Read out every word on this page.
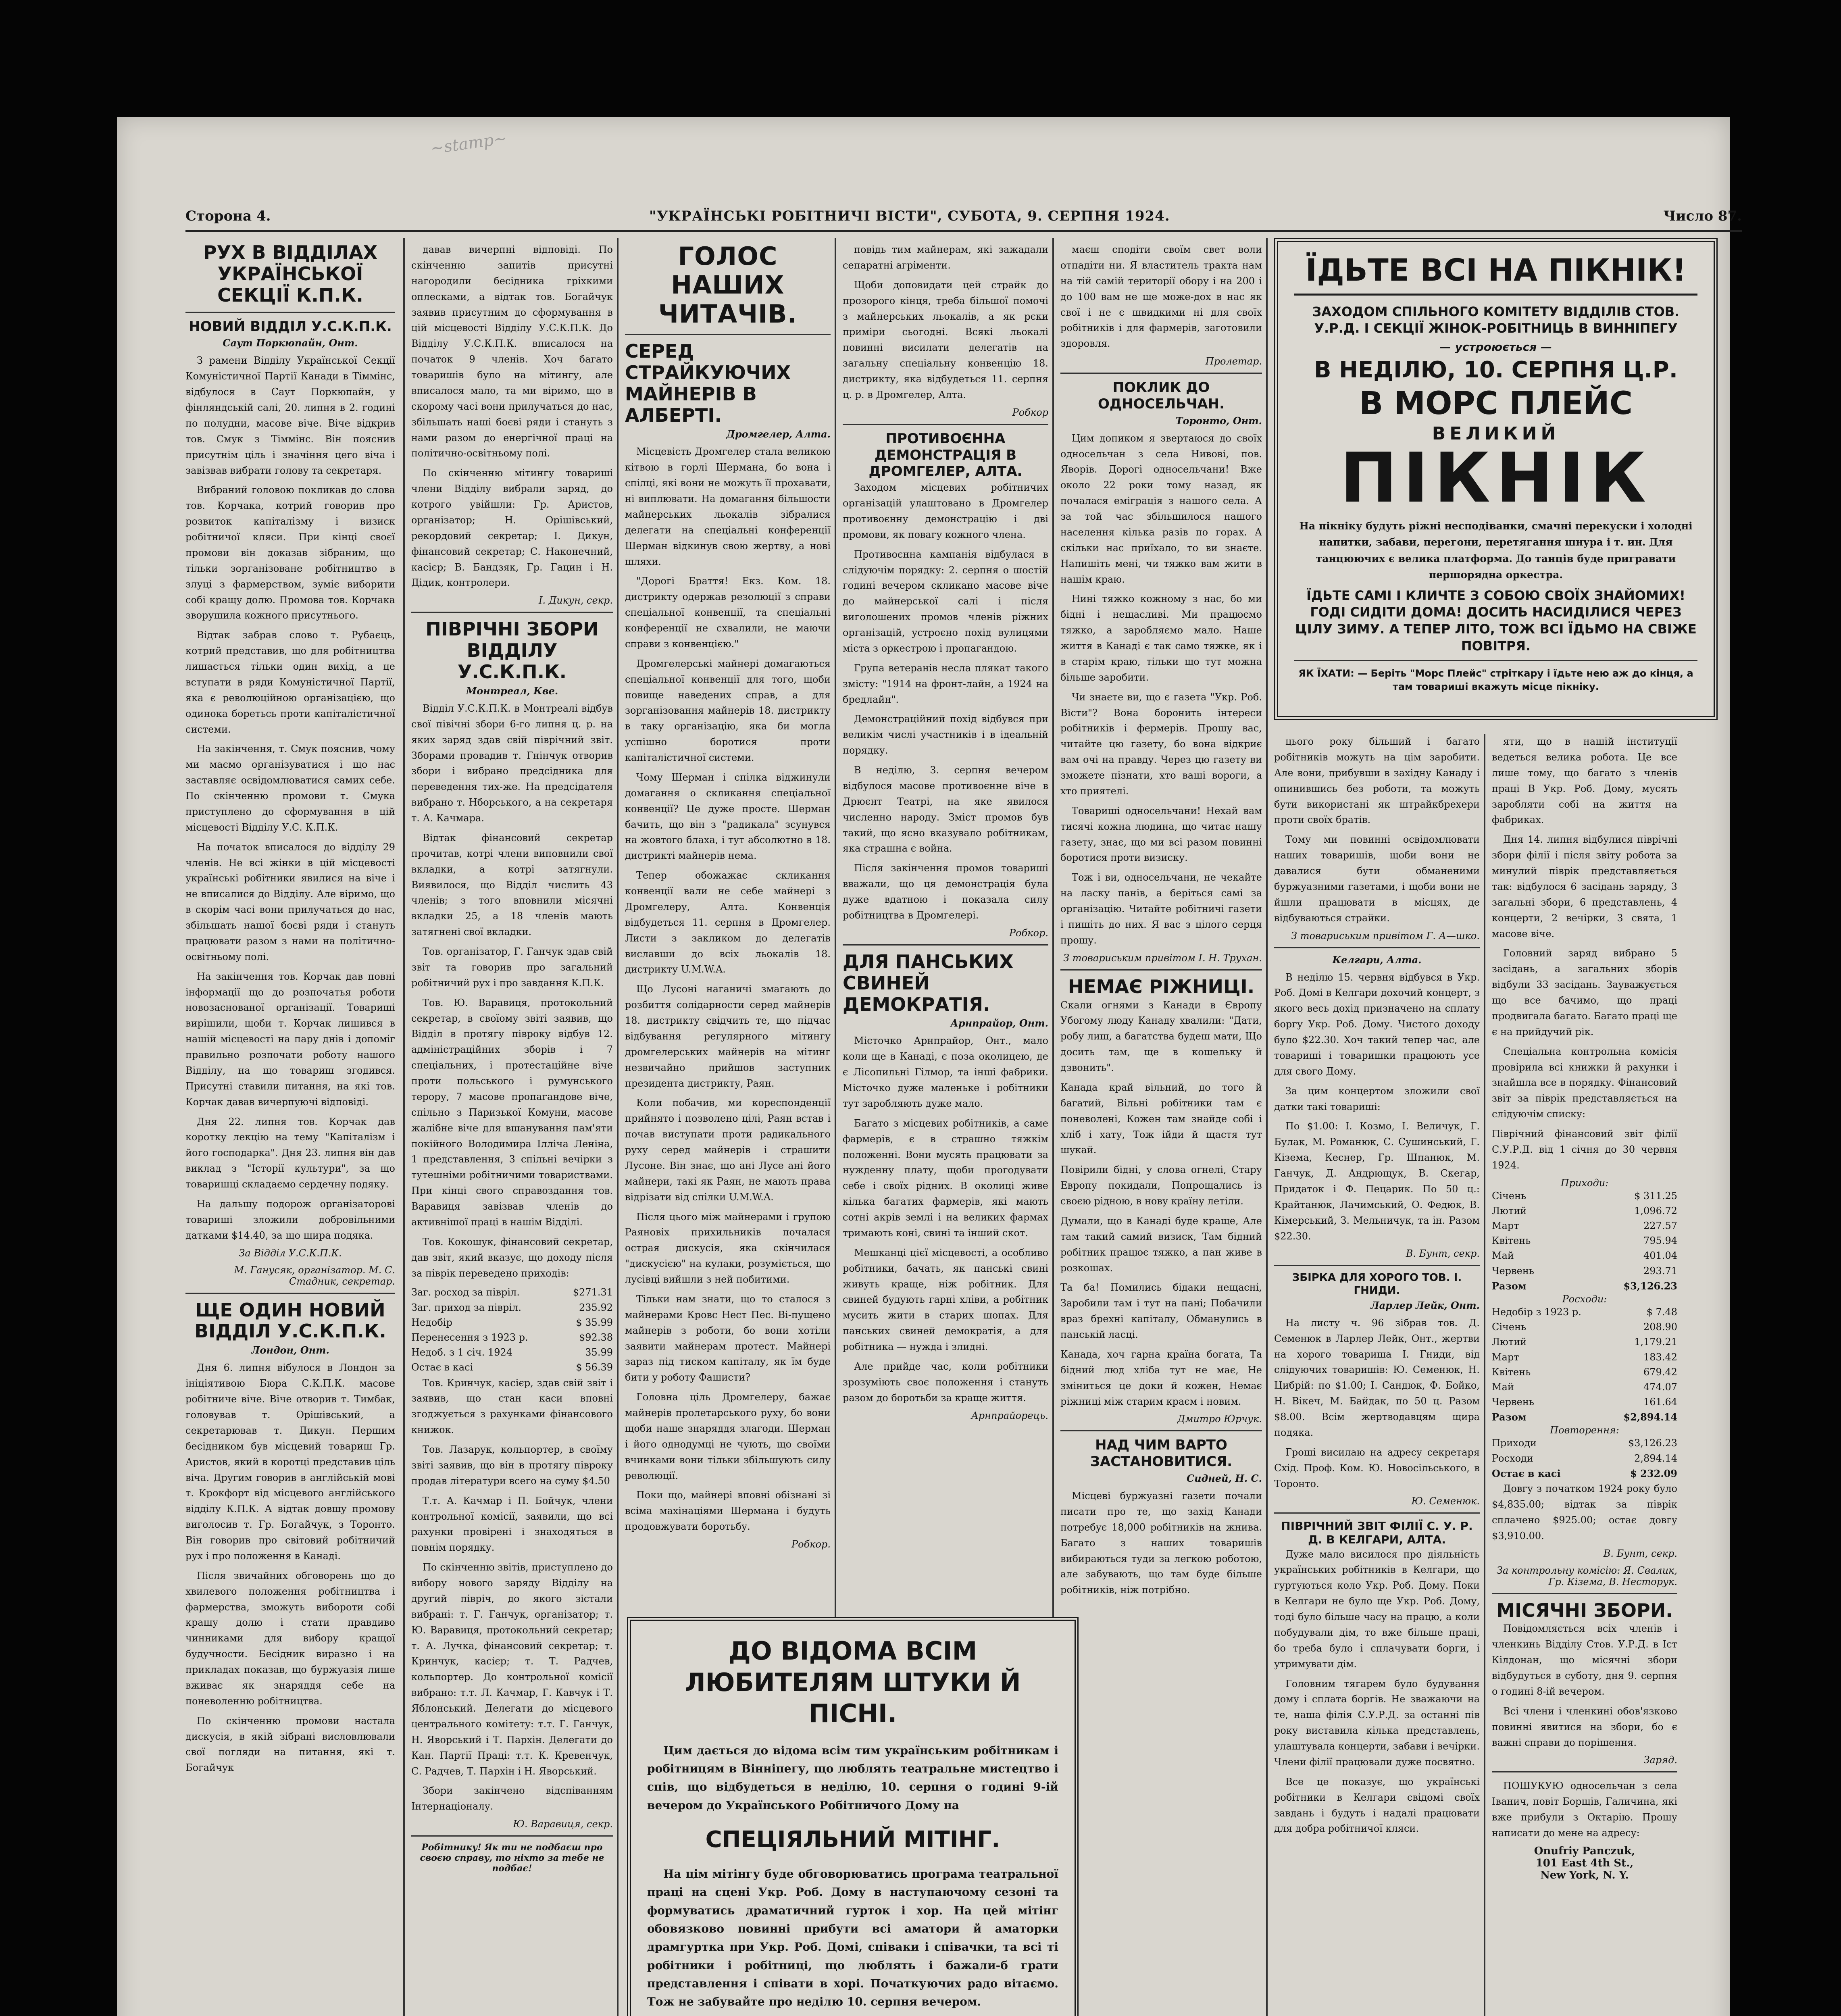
~stamp~
Сторона 4.	"УКРАЇНСЬКІ РОБІТНИЧІ ВІСТИ", СУБОТА, 9. СЕРПНЯ 1924.	Число 87.
РУХ В ВІДДІЛАХ УКРАЇНСЬКОЇ СЕКЦІЇ К.П.К.
НОВИЙ ВІДДІЛ У.С.К.П.К.
Саут Поркюпайн, Онт.

З рамени Відділу Української Секції Комуністичної Партії Канади в Тіммінс, відбулося в Саут Поркюпайн, у фінляндській салі, 20. липня в 2. годині по полудни, масове віче. Віче відкрив тов. Смук з Тіммінс. Він пояснив присутнім ціль і значіння цего віча і завізвав вибрати голову та секретаря.

Вибраний головою покликав до слова тов. Корчака, котрий говорив про розвиток капіталізму і визиск робітничої кляси. При кінці своєї промови він доказав зібраним, що тільки зорганізоване робітництво в злуці з фармерством, зуміє виборити собі кращу долю. Промова тов. Корчака зворушила кожного присутнього.

Відтак забрав слово т. Рубаєць, котрий представив, що для робітництва лишається тільки один вихід, а це вступати в ряди Комуністичної Партії, яка є революційною організацією, що одинока боретьсь проти капіталістичної системи.

На закінчення, т. Смук пояснив, чому ми маємо організуватися і що нас заставляє освідомлюватися самих себе. По скінченню промови т. Смука приступлено до сформування в цій місцевості Відділу У.С. К.П.К.

На початок вписалося до відділу 29 членів. Не всі жінки в цій місцевості українські робітники явилися на віче і не вписалися до Відділу. Але віримо, що в скорім часі вони прилучаться до нас, збільшать нашої боєві ряди і стануть працювати разом з нами на політично-освітньому полі.

На закінчення тов. Корчак дав повні інформації що до розпочатья роботи новозаснованої організації. Товариші вирішили, щоби т. Корчак лишився в нашій місцевості на пару днів і допоміг правильно розпочати роботу нашого Відділу, на що товариш згодився. Присутні ставили питання, на які тов. Корчак давав вичерпуючі відповіді.

Дня 22. липня тов. Корчак дав коротку лекцію на тему "Капіталізм і його господарка". Дня 23. липня він дав виклад з "Історії культури", за що товаришці складаємо сердечну подяку.

На дальшу подорож організаторові товариші зложили добровільними датками $14.40, за що щира подяка.

За Відділ У.С.К.П.К.
М. Ганусяк, організатор. М. С. Стадник, секретар.
ЩЕ ОДИН НОВИЙ ВІДДІЛ У.С.К.П.К.
Лондон, Онт.

Дня 6. липня вібулося в Лондон за ініціятивою Бюра С.К.П.К. масове робітниче віче. Віче отворив т. Тимбак, головував т. Орішівський, а секретарював т. Дикун. Першим бесідником був місцевий товариш Гр. Аристов, який в коротці представив ціль віча. Другим говорив в англійській мові т. Крокфорт від місцевого англійського відділу К.П.К. А відтак довшу промову виголосив т. Гр. Богайчук, з Торонто. Він говорив про світовий робітничий рух і про положення в Канаді.

Після звичайних обговорень що до хвилевого положення робітництва і фармерства, зможуть вибороти собі кращу долю і стати правдиво чинниками для вибору кращої будучности. Бесідник виразно і на прикладах показав, що буржуазія лише вживає як знаряддя себе на поневоленню робітництва.

По скінченню промови настала дискусія, в якій зібрані висловлювали свої погляди на питання, які т. Богайчук

давав вичерпні відповіді. По скінченню запитів присутні нагородили бесідника гріхкими оплесками, а відтак тов. Богайчук заявив присутним до сформування в цій місцевості Відділу У.С.К.П.К. До Відділу У.С.К.П.К. вписалося на початок 9 членів. Хоч багато товаришів було на мітингу, але вписалося мало, та ми віримо, що в скорому часі вони прилучаться до нас, збільшать наші боєві ряди і стануть з нами разом до енергічної праці на політично-освітньому полі.

По скінченню мітингу товариші члени Відділу вибрали заряд, до котрого увійшли: Гр. Аристов, організатор; Н. Орішівський, рекордовий секретар; І. Дикун, фінансовий секретар; С. Наконечний, касієр; В. Бандзяк, Гр. Гацин і Н. Дідик, контролери.

І. Дикун, секр.
ПІВРІЧНІ ЗБОРИ ВІДДІЛУ У.С.К.П.К.
Монтреал, Кве.

Відділ У.С.К.П.К. в Монтреалі відбув свої півічні збори 6-го липня ц. р. на яких заряд здав свій піврічний звіт. Зборами провадив т. Гнінчук отворив збори і вибрано предсідника для переведення тих-же. На предсідателя вибрано т. Нборського, а на секретаря т. А. Качмара.

Відтак фінансовий секретар прочитав, котрі члени виповнили свої вкладки, а котрі затягнули. Виявилося, що Відділ числить 43 членів; з того вповнили місячні вкладки 25, а 18 членів мають затягнені свої вкладки.

Тов. організатор, Г. Ганчук здав свій звіт та говорив про загальний робітничий рух і про завдання К.П.К.

Тов. Ю. Варавиця, протокольний секретар, в своїому звіті заявив, що Відділ в протягу півроку відбув 12. адміністраційних зборів і 7 спеціальних, і протестаційне віче проти польського і румунського терору, 7 масове пропагандове віче, спільно з Паризької Комуни, масове жалібне віче для вшанування пам'яти покійного Володимира Ілліча Леніна, 1 представлення, 3 спільні вечірки з тутешніми робітничими товариствами. При кінці свого справоздання тов. Варавиця завізвав членів до активнішої праці в нашім Відділі.

Тов. Кокошук, фінансовий секретар, дав звіт, який вказує, що доходу після за піврік переведено приходів:

Заг. росход за півріл.	$271.31
Заг. приход за півріл.	235.92
Недобір	$ 35.99
Перенесення з 1923 р.	$92.38
Недоб. з 1 січ. 1924	35.99
Остає в касі	$ 56.39

Тов. Кринчук, касієр, здав свій звіт і заявив, що стан каси вповні згоджується з рахунками фінансового книжок.

Тов. Лазарук, кольпортер, в своїму звіті заявив, що він в протягу півроку продав літератури всего на суму $4.50

Т.т. А. Качмар і П. Бойчук, члени контрольної комісії, заявили, що всі рахунки провірені і знаходяться в повнім порядку.

По скінченню звітів, приступлено до вибору нового заряду Відділу на другий півріч, до якого зістали вибрані: т. Г. Ганчук, організатор; т. Ю. Варавиця, протокольний секретар; т. А. Лучка, фінансовий секретар; т. Кринчук, касієр; т. Т. Радчев, кольпортер. До контрольної комісії вибрано: т.т. Л. Качмар, Г. Кавчук і Т. Яблонський. Делегати до місцевого центрального комітету: т.т. Г. Ганчук, Н. Яворський і Т. Пархін. Делегати до Кан. Партії Праці: т.т. К. Кревенчук, С. Радчев, Т. Пархін і Н. Яворський.

Збори закінчено відспіванням Інтернаціоналу.

Ю. Варавиця, секр.
Робітнику! Як ти не подбаєш про своєю справу, то ніхто за тебе не подбає!
ГОЛОС НАШИХ ЧИТАЧІВ.
СЕРЕД СТРАЙКУЮЧИХ МАЙНЕРІВ В АЛБЕРТІ.
Дромгелер, Алта.

Місцевість Дромгелер стала великою кітвою в горлі Шермана, бо вона і спілці, які вони не можуть її прохавати, ні виплювати. На домагання більшости майнерських льокалів зібралися делегати на спеціальні конференції Шерман відкинув свою жертву, а нові шляхи.

"Дорогі Браття! Екз. Ком. 18. дистрикту одержав резолюції з справи спеціальної конвенції, та спеціальні конференції не схвалили, не маючи справи з конвенцією."

Дромгелерські майнері домагаються спеціальної конвенції для того, щоби повище наведених справ, а для зорганізовання майнерів 18. дистрикту в таку організацію, яка би могла успішно боротися проти капіталістичної системи.

Чому Шерман і спілка віджинули домагання о скликання спеціальної конвенції? Це дуже просте. Шерман бачить, що він з "радикала" зсунувся на жовтого блаха, і тут абсолютно в 18. дистрикті майнерів нема.

Тепер обожажає скликання конвенції вали не себе майнері з Дромгелеру, Алта. Конвенція відбудеться 11. серпня в Дромгелер. Листи з закликом до делегатів виславши до всіх льокалів 18. дистрикту U.M.W.A.

Що Лусоні наганичі змагають до розбиття солідарности серед майнерів 18. дистрикту свідчить те, що підчас відбування регулярного мітингу дромгелерських майнерів на мітинг незвичайно прийшов заступник президента дистрикту, Раян.

Коли побачив, ми кореспонденції прийнято і позволено цілі, Раян встав і почав виступати проти радикального руху серед майнерів і страшити Лусоне. Він знає, що ані Лусе ані його майнери, такі як Раян, не мають права відрізати від спілки U.M.W.A.

Після цього між майнерами і групою Раяновіх прихильників почалася острая дискусія, яка скінчилася "дискусією" на кулаки, розуміється, що лусівці вийшли з ней побитими.

Тільки нам знати, що то сталося з майнерами Кровс Нест Пес. Ві-пущено майнерів з роботи, бо вони хотіли заявити майнерам протест. Майнері зараз під тиском капіталу, як їм буде бити у роботу Фашисти?

Головна ціль Дромгелеру, бажає майнерів пролетарського руху, бо вони щоби наше знаряддя злагоди. Шерман і його однодумці не чують, що своїми вчинками вони тільки збільшують силу революції.

Поки що, майнері вповні обізнані зі всіма махінаціями Шермана і будуть продовжувати боротьбу.

Робкор.

повідь тим майнерам, які зажадали сепаратні агріменти.

Щоби доповидати цей страйк до прозорого кінця, треба більшої помочі з майнерських льокалів, а як рєки приміри сьогодні. Всякі льокалі повинні висилати делегатів на загальну спеціальну конвенцію 18. дистрикту, яка відбудеться 11. серпня ц. р. в Дромгелер, Алта.

Робкор
ПРОТИВОЄННА ДЕМОНСТРАЦІЯ В ДРОМГЕЛЕР, АЛТА.

Заходом місцевих робітничих організацій улаштовано в Дромгелер противоєнну демонстрацію і дві промови, як повагу кожного члена.

Противоєнна кампанія відбулася в слідуючім порядку: 2. серпня о шостій годині вечером скликано масове віче до майнерської салі і після виголошених промов членів ріжних організацій, устроєно похід вулицями міста з оркестрою і пропагандою.

Група ветеранів несла плякат такого змісту: "1914 на фронт-лайн, а 1924 на бредлайн".

Демонстраційний похід відбувся при великім числі участників і в ідеальній порядку.

В неділю, 3. серпня вечером відбулося масове противоєнне віче в Дрюєнт Театрі, на яке явилося численно народу. Зміст промов був такий, що ясно вказувало робітникам, яка страшна є война.

Після закінчення промов товариші вважали, що ця демонстрація була дуже вдатною і показала силу робітництва в Дромгелері.

Робкор.
ДЛЯ ПАНСЬКИХ СВИНЕЙ ДЕМОКРАТІЯ.
Арнпрайор, Онт.

Місточко Арнпрайор, Онт., мало коли ще в Канаді, є поза околицею, де є Лісопильні Гілмор, та інші фабрики. Місточко дуже маленьке і робітники тут заробляють дуже мало.

Багато з місцевих робітників, а саме фармерів, є в страшно тяжкім положенні. Вони мусять працювати за нужденну плату, щоби прогодувати себе і своїх рідних. В околиці живе кілька багатих фармерів, які мають сотні акрів землі і на великих фармах тримають коні, свині та інший скот.

Мешканці цієї місцевості, а особливо робітники, бачать, як панські свині живуть краще, ніж робітник. Для свиней будують гарні хліви, а робітник мусить жити в старих шопах. Для панських свиней демократія, а для робітника — нужда і злидні.

Але прийде час, коли робітники зрозуміють своє положення і стануть разом до боротьби за краще життя.

Арнпрайорець.
ДО ВІДОМА ВСІМ ЛЮБИТЕЛЯМ ШТУКИ Й ПІСНІ.

Цим дається до відома всім тим українським робітникам і робітницям в Вінніпегу, що люблять театральне мистецтво і спів, що відбудеться в неділю, 10. серпня о годині 9-ій вечером до Українського Робітничого Дому на

СПЕЦІЯЛЬНИЙ МІТІНГ.

На цім мітінгу буде обговорюватись програма театральної праці на сцені Укр. Роб. Дому в наступаючому сезоні та формуватись драматичний гурток і хор. На цей мітінг обовязково повинні прибути всі аматори й аматорки драмгуртка при Укр. Роб. Домі, співаки і співачки, та всі ті робітники і робітниці, що люблять і бажали-б грати представлення і співати в хорі. Початкуючих радо вітаємо. Тож не забувайте про неділю 10. серпня вечером.

маєш сподіти своїм свет воли отпадіти ни. Я властитель тракта нам на тій самій території обору і на 200 і до 100 вам не ще може-дох в нас як свої і не є швидкими ні для своїх робітників і для фармерів, заготовили здоровля.

Пролетар.
ПОКЛИК ДО ОДНОСЕЛЬЧАН.
Торонто, Онт.

Цим допиком я звертаюся до своїх односельчан з села Нивові, пов. Яворів. Дорогі односельчани! Вже около 22 роки тому назад, як почалася еміграція з нашого села. А за той час збільшилося нашого населення кілька разів по горах. А скільки нас приїхало, то ви знаєте. Напишіть мені, чи тяжко вам жити в нашім краю.

Нині тяжко кожному з нас, бо ми бідні і нещасливі. Ми працюємо тяжко, а заробляємо мало. Наше життя в Канаді є так само тяжке, як і в старім краю, тільки що тут можна більше заробити.

Чи знаєте ви, що є газета "Укр. Роб. Вісти"? Вона боронить інтереси робітників і фермерів. Прошу вас, читайте цю газету, бо вона відкриє вам очі на правду. Через цю газету ви зможете пізнати, хто ваші вороги, а хто приятелі.

Товариші односельчани! Нехай вам тисячі кожна людина, що читає нашу газету, знає, що ми всі разом повинні боротися проти визиску.

Тож і ви, односельчани, не чекайте на ласку панів, а беріться самі за організацію. Читайте робітничі газети і пишіть до них. Я вас з цілого серця прошу.

З товариським привітом І. Н. Трухан.
НЕМАЄ РІЖНИЦІ.

Скали огнями з Канади в Європу Убогому люду Канаду хвалили: "Дати, робу лиш, а багатства будеш мати, Що досить там, ще в кошельку й дзвонить".

Канада край вільний, до того й багатий, Вільні робітники там є поневолені, Кожен там знайде собі і хліб і хату, Тож ійди й щастя тут шукай.

Повірили бідні, у слова огнелі, Стару Европу покидали, Попрощались із своєю рідною, в нову країну летіли.

Думали, що в Канаді буде краще, Але там такий самий визиск, Там бідний робітник працює тяжко, а пан живе в розкошах.

Та ба! Помились бідаки нещасні, Заробили там і тут на пані; Побачили враз брехні капіталу, Обманулись в панській ласці.

Канада, хоч гарна країна богата, Та бідний люд хліба тут не має, Не зміниться це доки й кожен, Немає ріжниці між старим краєм і новим.

Дмитро Юрчук.
НАД ЧИМ ВАРТО ЗАСТАНОВИТИСЯ.
Сидней, Н. С.

Місцеві буржуазні газети почали писати про те, що захід Канади потребує 18,000 робітників на жнива. Багато з наших товаришів вибираються туди за легкою роботою, але забувають, що там буде більше робітників, ніж потрібно.

цього року більший і багато робітників можуть на цім заробити. Але вони, прибувши в західну Канаду і опинившись без роботи, та можуть бути використані як штрайкбрехери проти своїх братів.

Тому ми повинні освідомлювати наших товаришів, щоби вони не давалися бути обманеними буржуазними газетами, і щоби вони не йшли працювати в місцях, де відбуваються страйки.

З товариським привітом Г. А—шко.
Келгари, Алта.

В неділю 15. червня відбувся в Укр. Роб. Домі в Келгари дохочий концерт, з якого весь дохід призначено на сплату боргу Укр. Роб. Дому. Чистого доходу було $22.30. Хоч такий тепер час, але товариші і товаришки працюють усе для свого Дому.

За цим концертом зложили свої датки такі товариші:

По $1.00: І. Козмо, І. Величук, Г. Булак, М. Романюк, С. Сушинський, Г. Кізема, Кеснер, Гр. Шпанюк, М. Ганчук, Д. Андрющук, В. Скегар, Придаток і Ф. Пецарик. По 50 ц.: Крайтанюк, Лачимський, О. Федюк, В. Кімерський, З. Мельничук, та ін. Разом $22.30.

В. Бунт, секр.
ЗБІРКА ДЛЯ ХОРОГО ТОВ. І. ГНИДИ.
Ларлер Лейк, Онт.

На листу ч. 96 зібрав тов. Д. Семенюк в Ларлер Лейк, Онт., жертви на хорого товариша І. Гниди, від слідуючих товаришів: Ю. Семенюк, Н. Цибрій: по $1.00; І. Сандюк, Ф. Бойко, Н. Вікеч, М. Байдак, по 50 ц. Разом $8.00. Всім жертводавцям щира подяка.

Гроші висилаю на адресу секретаря Схід. Проф. Ком. Ю. Новосільського, в Торонто.

Ю. Семенюк.
ПІВРІЧНИЙ ЗВІТ ФІЛІЇ С. У. Р. Д. В КЕЛГАРИ, АЛТА.

Дуже мало висилося про діяльність українських робітників в Келгари, що гуртуються коло Укр. Роб. Дому. Поки в Келгари не було ще Укр. Роб. Дому, тоді було більше часу на працю, а коли побудували дім, то вже більше праці, бо треба було і сплачувати борги, і утримувати дім.

Головним тягарем було будування дому і сплата боргів. Не зважаючи на те, наша філія С.У.Р.Д. за останні пів року виставила кілька представлень, улаштувала концерти, забави і вечірки. Члени філії працювали дуже посвятно.

Все це показує, що українські робітники в Келгари свідомі своїх завдань і будуть і надалі працювати для добра робітничої кляси.

ЇДЬТЕ ВСІ НА ПІКНІК!
ЗАХОДОМ СПІЛЬНОГО КОМІТЕТУ ВІДДІЛІВ СТОВ. У.Р.Д. І СЕКЦІЇ ЖІНОК-РОБІТНИЦЬ В ВИННІПЕГУ
— устроюється —
В НЕДІЛЮ, 10. СЕРПНЯ Ц.Р.
В МОРС ПЛЕЙС
ВЕЛИКИЙ
ПІКНІК

На пікніку будуть ріжні несподіванки, смачні перекуски і холодні напитки, забави, перегони, перетягання шнура і т. ин. Для танцюючих є велика платформа. До танців буде пригравати першорядна оркестра.

ЇДЬТЕ САМІ І КЛИЧТЕ З СОБОЮ СВОЇХ ЗНАЙОМИХ! ГОДІ СИДІТИ ДОМА! ДОСИТЬ НАСИДІЛИСЯ ЧЕРЕЗ ЦІЛУ ЗИМУ. А ТЕПЕР ЛІТО, ТОЖ ВСІ ЇДЬМО НА СВІЖЕ ПОВІТРЯ.
ЯК ЇХАТИ: — Беріть "Морс Плейс" стріткару і їдьте нею аж до кінця, а там товариші вкажуть місце пікніку.

яти, що в нашій інституції ведеться велика робота. Це все лише тому, що багато з членів праці В Укр. Роб. Дому, мусять заробляти собі на життя на фабриках.

Дня 14. липня відбулися піврічні збори філії і після звіту робота за минулий піврік представляється так: відбулося 6 засідань заряду, 3 загальні збори, 6 представлень, 4 концерти, 2 вечірки, 3 свята, 1 масове віче.

Головний заряд вибрано 5 засідань, а загальних зборів відбули 33 засідань. Зауважується що все бачимо, що праці продвигала багато. Багато праці ще є на прийдучий рік.

Спеціальна контрольна комісія провірила всі книжки й рахунки і знайшла все в порядку. Фінансовий звіт за піврік представляється на слідуючім списку:

Піврічний фінансовий звіт філії С.У.Р.Д. від 1 січня до 30 червня 1924.

Приходи:
Січень	$ 311.25
Лютий	1,096.72
Март	227.57
Квітень	795.94
Май	401.04
Червень	293.71
Разом	$3,126.23
Росходи:
Недобір з 1923 р.	$ 7.48
Січень	208.90
Лютий	1,179.21
Март	183.42
Квітень	679.42
Май	474.07
Червень	161.64
Разом	$2,894.14
Повторення:
Приходи	$3,126.23
Росходи	2,894.14
Остає в касі	$ 232.09

Довгу з початком 1924 року було $4,835.00; відтак за піврік сплачено $925.00; остає довгу $3,910.00.

В. Бунт, секр.
За контрольну комісію: Я. Свалик, Гр. Кізема, В. Несторук.
МІСЯЧНІ ЗБОРИ.

Повідомляється всіх членів і членкинь Відділу Стов. У.Р.Д. в Іст Кілдонан, що місячні збори відбудуться в суботу, дня 9. серпня о годині 8-ій вечером.

Всі члени і членкині обов'язково повинні явитися на збори, бо є важні справи до порішення.

Заряд.

ПОШУКУЮ односельчан з села Іванич, повіт Борщів, Галичина, які вже прибули з Октарію. Прошу написати до мене на адресу:

Onufriy Panczuk,
101 East 4th St.,
New York, N. Y.
